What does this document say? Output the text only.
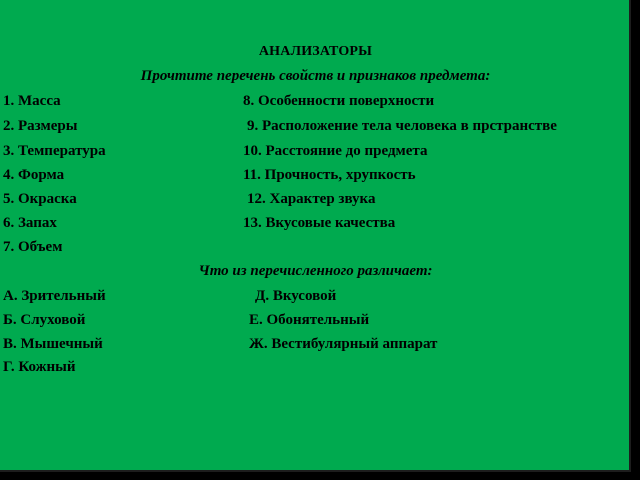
АНАЛИЗАТОРЫ
Прочтите перечень свойств и признаков предмета:
1. Масса
2. Размеры
3. Температура
4. Форма
5. Окраска
6. Запах
7. Объем
8. Особенности поверхности
9. Расположение тела человека в прстранстве
10. Расстояние до предмета
11. Прочность, хрупкость
12. Характер звука
13. Вкусовые качества
Что из перечисленного различает:
А. Зрительный
Б. Слуховой
В. Мышечный
Г. Кожный
Д. Вкусовой
Е. Обонятельный
Ж. Вестибулярный аппарат
